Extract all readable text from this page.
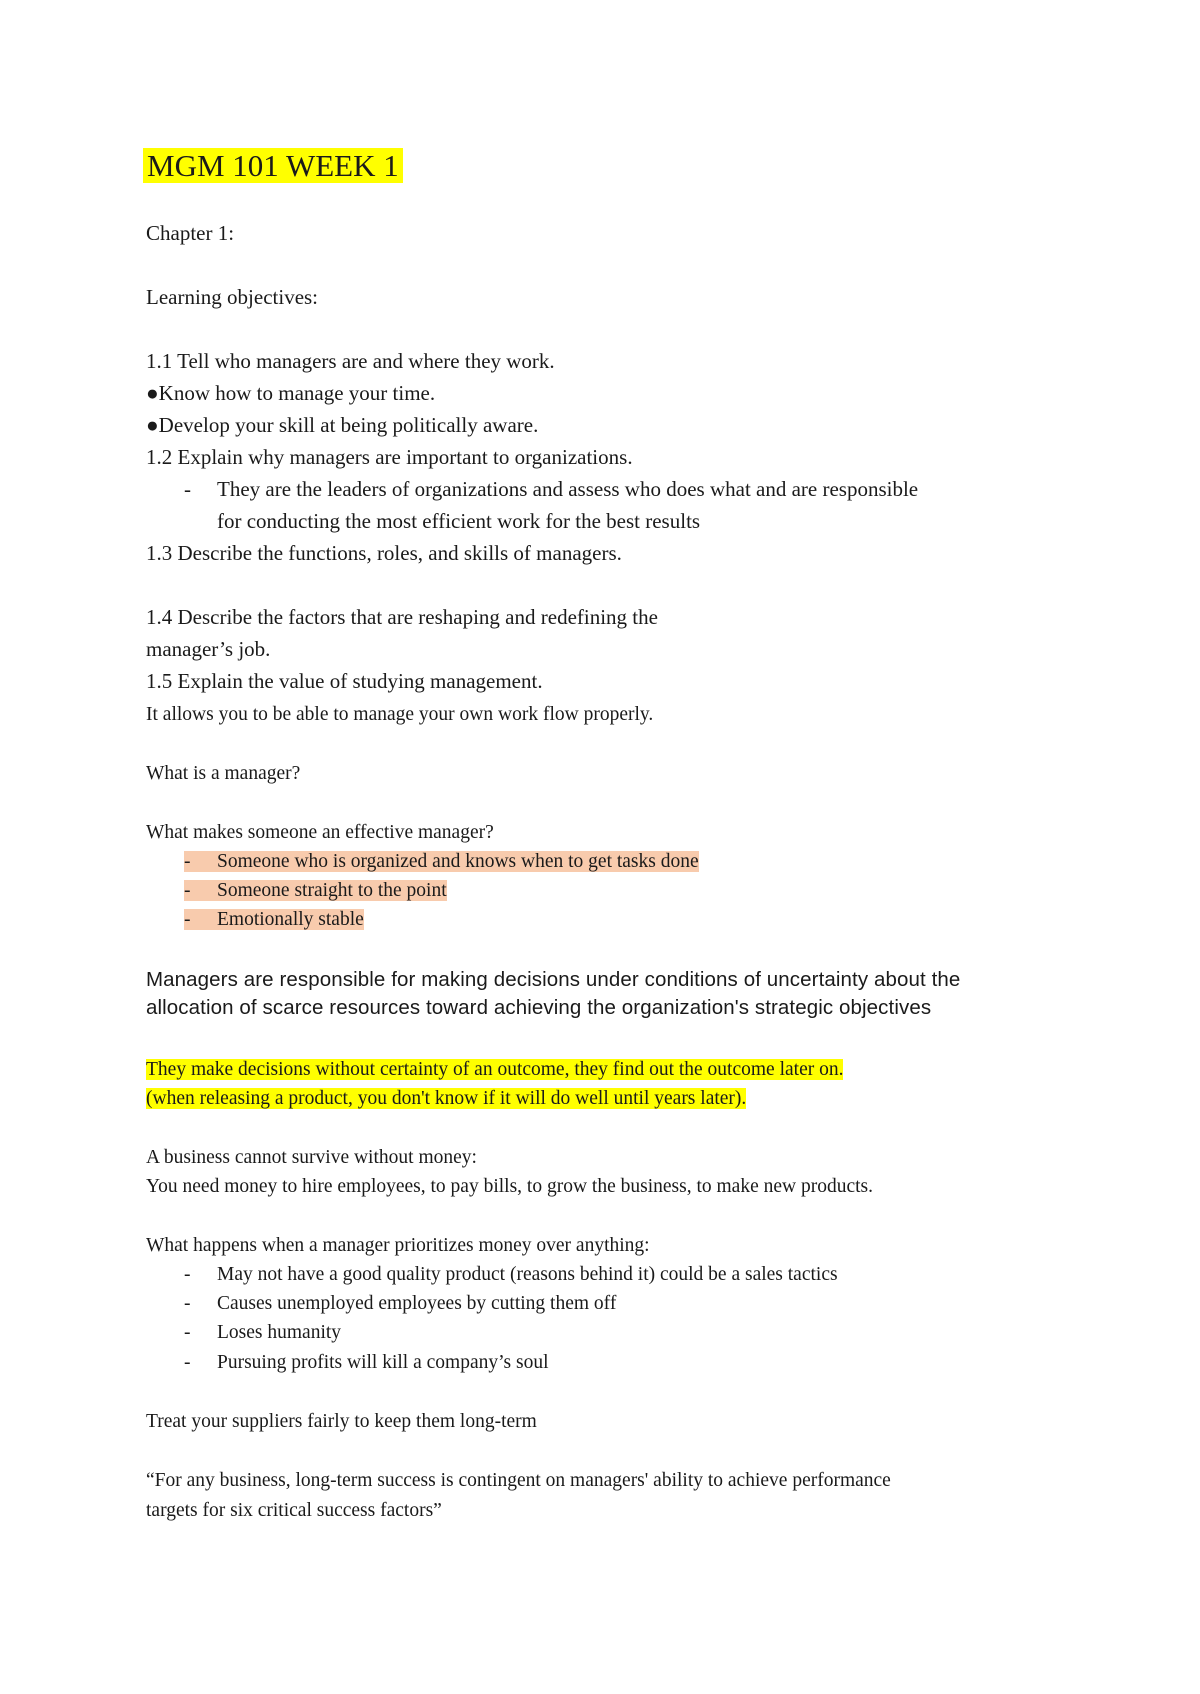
MGM 101 WEEK 1
Chapter 1:
Learning objectives:
1.1 Tell who managers are and where they work.
●Know how to manage your time.
●Develop your skill at being politically aware.
1.2 Explain why managers are important to organizations.
- They are the leaders of organizations and assess who does what and are responsible
for conducting the most efficient work for the best results
1.3 Describe the functions, roles, and skills of managers.
1.4 Describe the factors that are reshaping and redefining the
manager’s job.
1.5 Explain the value of studying management.
It allows you to be able to manage your own work flow properly.
What is a manager?
What makes someone an effective manager?
- Someone who is organized and knows when to get tasks done
- Someone straight to the point
- Emotionally stable
Managers are responsible for making decisions under conditions of uncertainty about the
allocation of scarce resources toward achieving the organization's strategic objectives
They make decisions without certainty of an outcome, they find out the outcome later on.
(when releasing a product, you don't know if it will do well until years later).
A business cannot survive without money:
You need money to hire employees, to pay bills, to grow the business, to make new products.
What happens when a manager prioritizes money over anything:
- May not have a good quality product (reasons behind it) could be a sales tactics
- Causes unemployed employees by cutting them off
- Loses humanity
- Pursuing profits will kill a company’s soul
Treat your suppliers fairly to keep them long-term
“For any business, long-term success is contingent on managers' ability to achieve performance
targets for six critical success factors”
